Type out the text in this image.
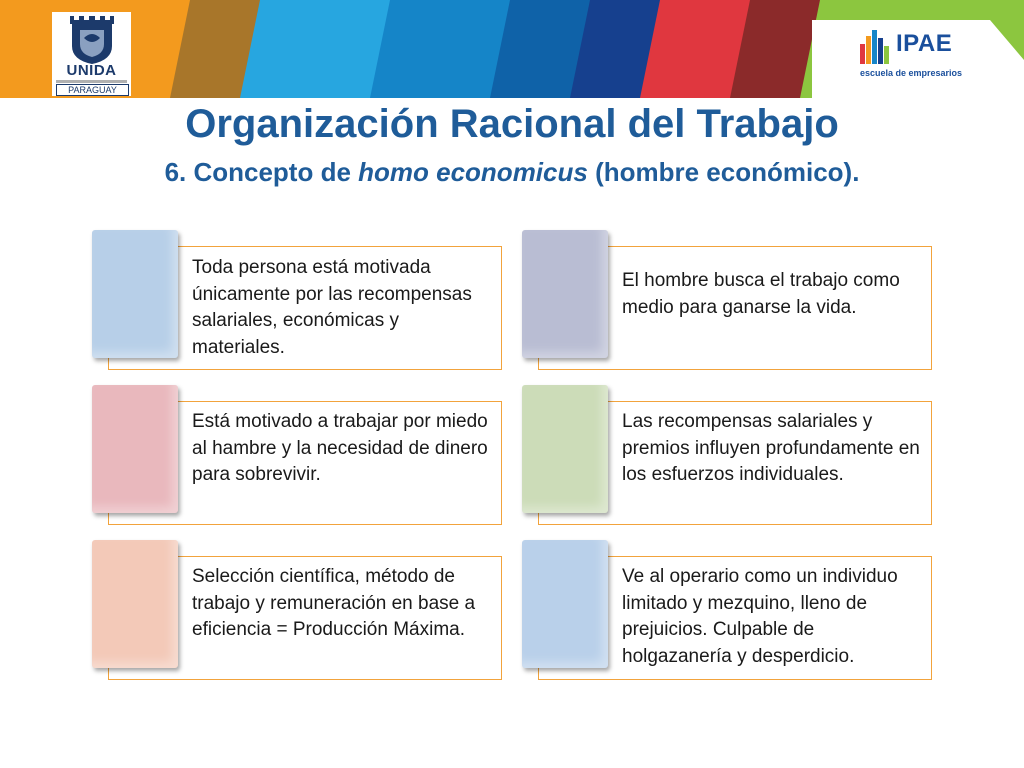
UNIDA
PARAGUAY
IPAE
escuela de empresarios
Organización Racional del Trabajo
6. Concepto de homo economicus (hombre económico).
Toda persona está motivada únicamente por las recompensas salariales, económicas y materiales.
El hombre busca el trabajo como medio para ganarse la vida.
Está motivado a trabajar por miedo al hambre y la necesidad de dinero para sobrevivir.
Las recompensas salariales y premios influyen profundamente en los esfuerzos individuales.
Selección científica, método de trabajo y remuneración en base a eficiencia = Producción Máxima.
Ve al operario como un individuo limitado y mezquino, lleno de prejuicios. Culpable de holgazanería y desperdicio.
